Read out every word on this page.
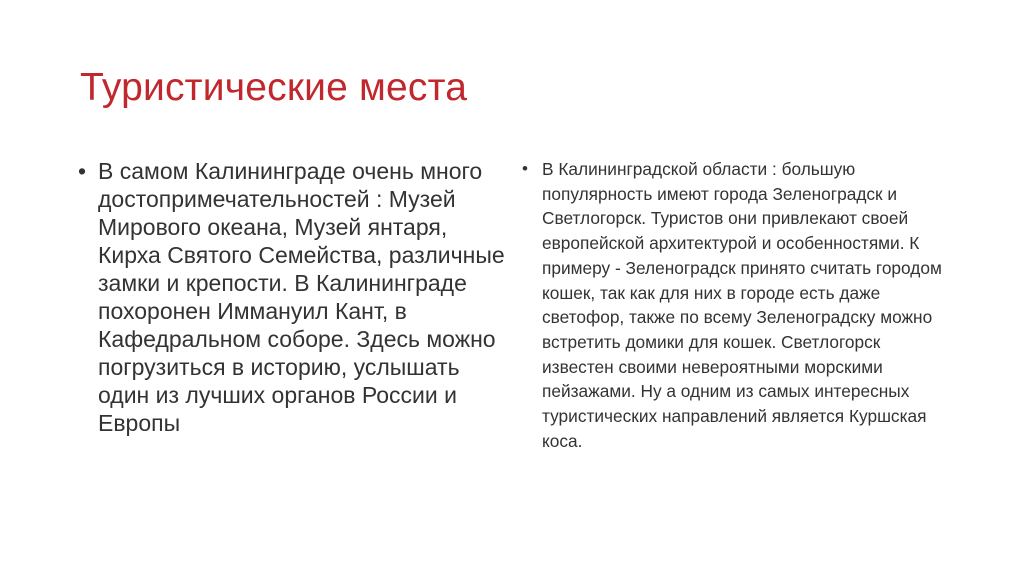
Туристические места
• В самом Калининграде очень много достопримечательностей : Музей Мирового океана, Музей янтаря, Кирха Святого Семейства, различные замки и крепости. В Калининграде похоронен Иммануил Кант, в Кафедральном соборе. Здесь можно погрузиться в историю, услышать один из лучших органов России и Европы
• В Калининградской области : большую популярность имеют города Зеленоградск и Светлогорск. Туристов они привлекают своей европейской архитектурой и особенностями. К примеру - Зеленоградск принято считать городом кошек, так как для них в городе есть даже светофор, также по всему Зеленоградску можно встретить домики для кошек. Светлогорск известен своими невероятными морскими пейзажами. Ну а одним из самых интересных туристических направлений является Куршская коса.
